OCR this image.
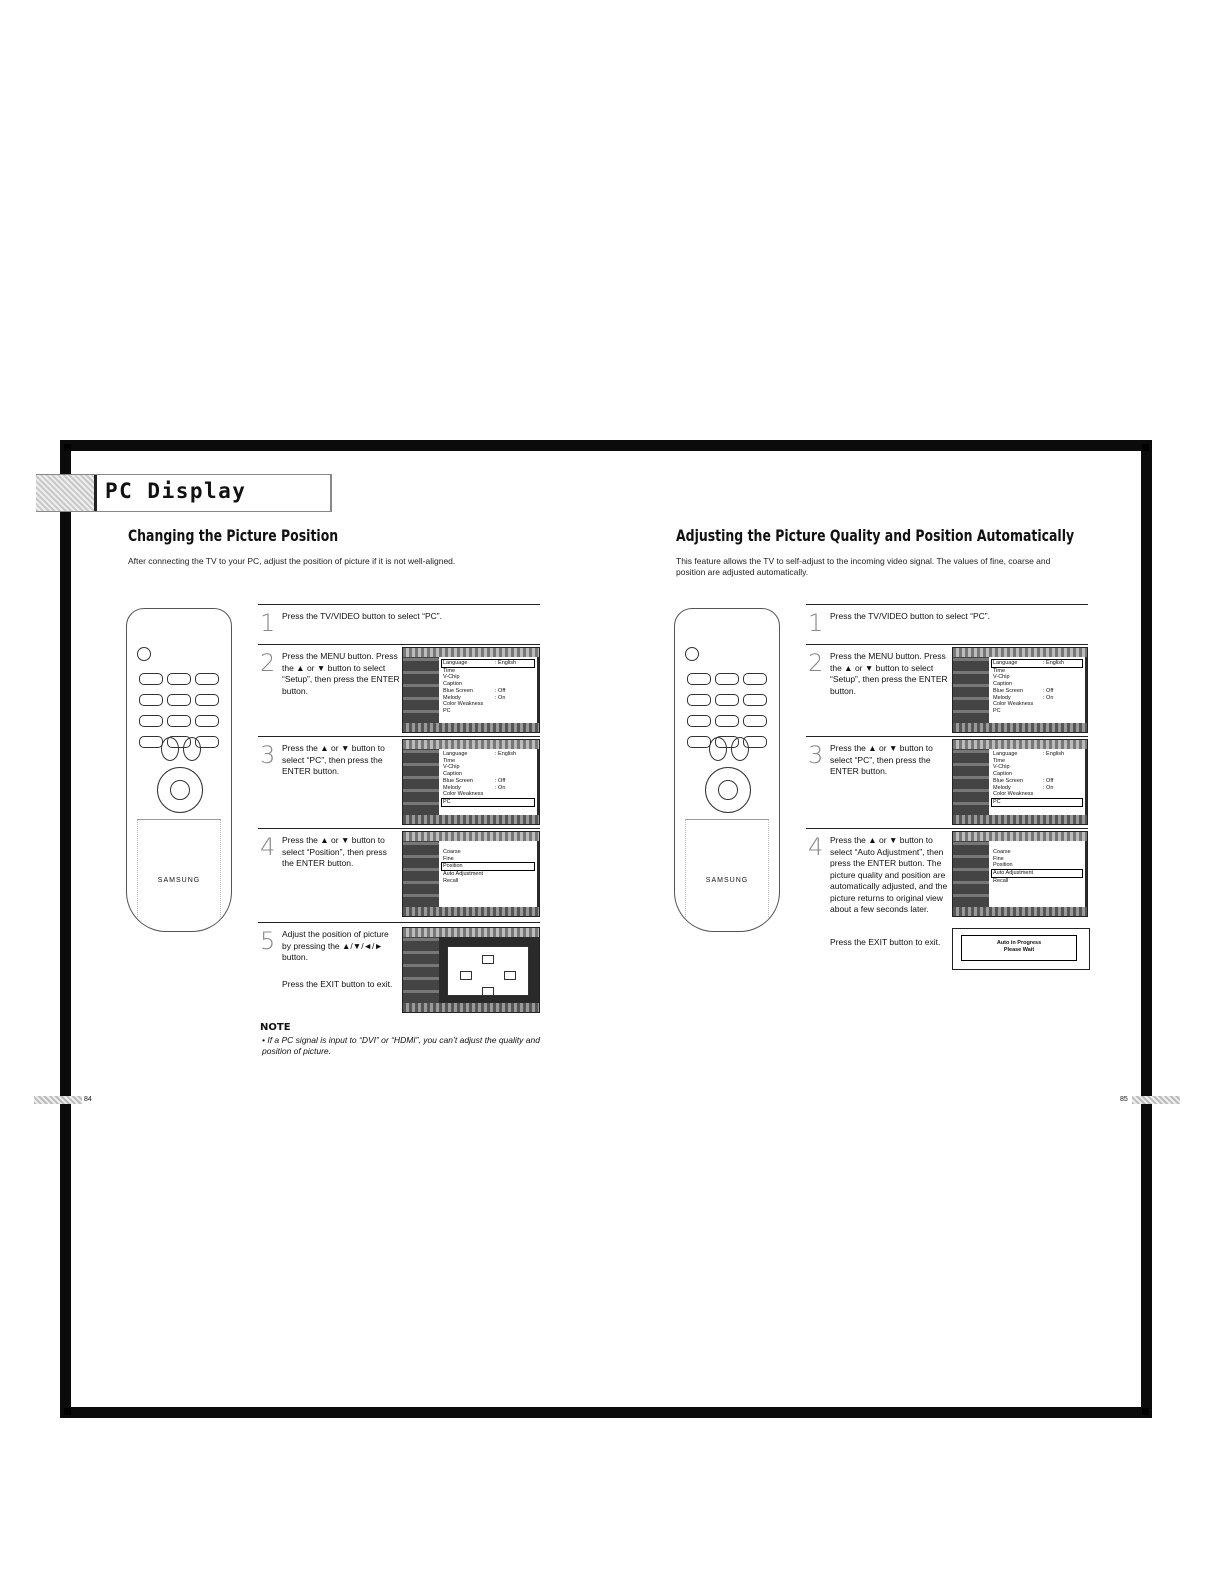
PC Display
Changing the Picture Position
After connecting the TV to your PC, adjust the position of picture if it is not well-aligned.

SAMSUNG
1 Press the TV/VIDEO button to select “PC”.
2 Press the MENU button. Press the ▲ or ▼ button to select “Setup”, then press the ENTER button.
Language	: English
Time
V-Chip
Caption
Blue Screen	: Off
Melody	: On
Color Weakness
PC
3 Press the ▲ or ▼ button to select “PC”, then press the ENTER button.
Language	: English
Time
V-Chip
Caption
Blue Screen	: Off
Melody	: On
Color Weakness
PC
4 Press the ▲ or ▼ button to select “Position”, then press the ENTER button.
Coarse
Fine
Position
Auto Adjustment
Recall
5 Adjust the position of picture by pressing the ▲/▼/◄/► button.
Press the EXIT button to exit.
NOTE
• If a PC signal is input to “DVI” or “HDMI”, you can’t adjust the quality and position of picture.
84
Adjusting the Picture Quality and Position Automatically
This feature allows the TV to self-adjust to the incoming video signal. The values of fine, coarse and position are adjusted automatically.

SAMSUNG
1 Press the TV/VIDEO button to select “PC”.
2 Press the MENU button. Press the ▲ or ▼ button to select “Setup”, then press the ENTER button.
Language	: English
Time
V-Chip
Caption
Blue Screen	: Off
Melody	: On
Color Weakness
PC
3 Press the ▲ or ▼ button to select “PC”, then press the ENTER button.
Language	: English
Time
V-Chip
Caption
Blue Screen	: Off
Melody	: On
Color Weakness
PC
4 Press the ▲ or ▼ button to select “Auto Adjustment”, then press the ENTER button. The picture quality and position are automatically adjusted, and the picture returns to original view about a few seconds later.
Press the EXIT button to exit.
Coarse
Fine
Position
Auto Adjustment
Recall
Auto in Progress
Please Wait
85
